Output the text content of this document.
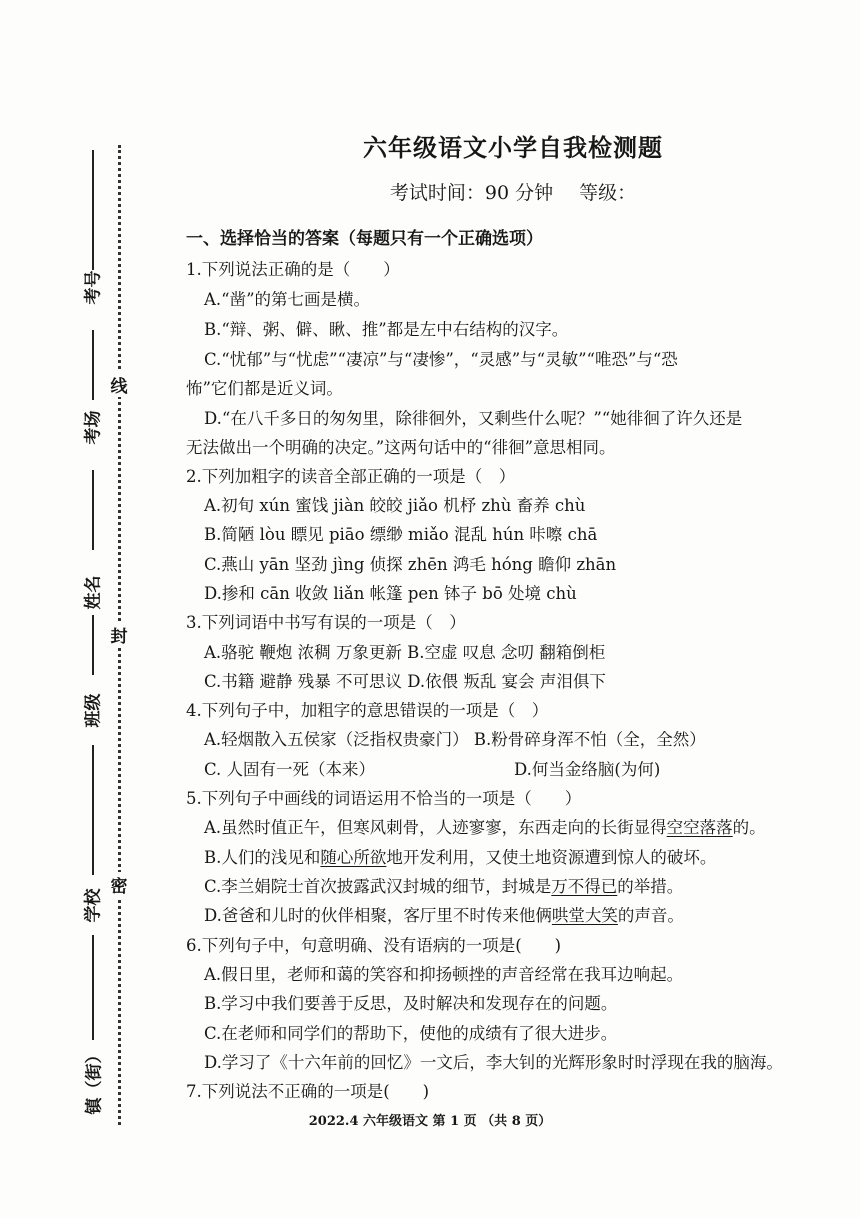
考号
考场
姓名
班级
学校
镇（街）
线
封
密
六年级语文小学自我检测题
考试时间：90 分钟 等级：
一、选择恰当的答案（每题只有一个正确选项）
1.下列说法正确的是（　　）
A.“凿”的第七画是横。
B.“辩、粥、僻、瞅、推”都是左中右结构的汉字。
C.“忧郁”与“忧虑”“凄凉”与“凄惨”，“灵感”与“灵敏”“唯恐”与“恐
怖”它们都是近义词。
D.“在八千多日的匆匆里，除徘徊外，又剩些什么呢？”“她徘徊了许久还是
无法做出一个明确的决定。”这两句话中的“徘徊”意思相同。
2.下列加粗字的读音全部正确的一项是（　）
A.初旬 xún 蜜饯 jiàn 皎皎 jiǎo 机杼 zhù 畜养 chù
B.简陋 lòu 瞟见 piāo 缥缈 miǎo 混乱 hún 咔嚓 chā
C.燕山 yān 坚劲 jìng 侦探 zhēn 鸿毛 hóng 瞻仰 zhān
D.掺和 cān 收敛 liǎn 帐篷 pen 钵子 bō 处境 chù
3.下列词语中书写有误的一项是（　）
A.骆驼 鞭炮 浓稠 万象更新 B.空虚 叹息 念叨 翻箱倒柜
C.书籍 避静 残暴 不可思议 D.依偎 叛乱 宴会 声泪俱下
4.下列句子中，加粗字的意思错误的一项是（　）
A.轻烟散入五侯家（泛指权贵豪门） B.粉骨碎身浑不怕（全，全然）
C. 人固有一死（本来）	D.何当金络脑(为何)
5.下列句子中画线的词语运用不恰当的一项是（　　）
A.虽然时值正午，但寒风刺骨，人迹寥寥，东西走向的长街显得空空落落的。
B.人们的浅见和随心所欲地开发利用，又使土地资源遭到惊人的破坏。
C.李兰娟院士首次披露武汉封城的细节，封城是万不得已的举措。
D.爸爸和儿时的伙伴相聚，客厅里不时传来他俩哄堂大笑的声音。
6.下列句子中，句意明确、没有语病的一项是(　　)
A.假日里，老师和蔼的笑容和抑扬顿挫的声音经常在我耳边响起。
B.学习中我们要善于反思，及时解决和发现存在的问题。
C.在老师和同学们的帮助下，使他的成绩有了很大进步。
D.学习了《十六年前的回忆》一文后，李大钊的光辉形象时时浮现在我的脑海。
7.下列说法不正确的一项是(　　)
2022.4 六年级语文 第 1 页 （共 8 页）
